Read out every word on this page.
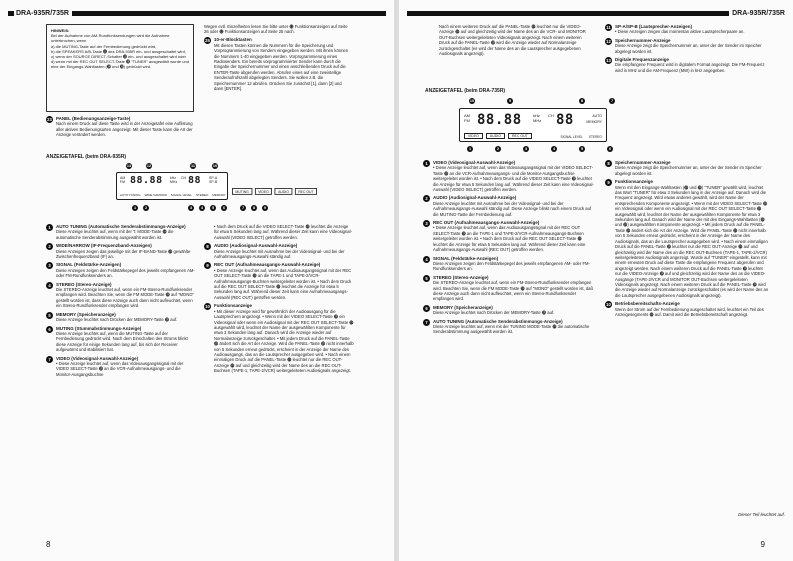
DRA-935R/735R
HINWEIS:
Bei der Aufnahme von AM-Rundfunksendungen wird die Aufnahme unterbrochen, wenn
a) die MUTING-Taste auf der Fernbedienung gedrückt wird,
b) die SPEAKERS A/B-Taste ⓫ des DRA-935R ein- und ausgeschaltet wird,
c) wenn der SOURCE DIRECT-Schalter ⓭ ein- und ausgeschaltet wird oder
d) wenn mit der REC OUT SELECT-Taste ⓲ "TUNER" ausgewählt wurde und eine der Eingangs-Wahltasten (⓳ und ⓴) gedrückt wird.
23 PANEL (Bedienungsanzeige-Taste)
Nach einem Druck auf diese Taste wird in der Anzeigetafel eine Auflistung aller aktiven Bedienungsarten angezeigt. Mit dieser Taste kann die Art der Anzeige verändert werden.
ANZEIGETAFEL (beim DRA-935R)
13	12	11	10
AM
FM 88.88 kHz
MHz
CH 88 SP-A
SP-B
AUTO TUNING WIDE NARROW SIGNAL LEVEL STEREO MEMORY
MUTING	VIDEO	AUDIO	REC OUT
1	2	3	4	5	6	7	8	9
1	AUTO TUNING (Automatische Senderabstimmungs-Anzeige)
Diese Anzeige leuchtet auf, wenn mit der T. MODE-Taste ⓮ die automatische Senderabstimmung ausgewählt worden ist.
2	WIDE/NARROW (IF-Frequenzband-Anzeigen)
Diese Anzeigen zeigen das jeweilige mit der IF-BAND-Taste ⓳ gewählte Zwischenfrequenzband (IF) an.
3	SIGNAL (Feldstärke-Anzeigen)
Diese Anzeigen zeigen den Feldstärkepegel des jeweils empfangenen AM- oder FM-Rundfunksenders an.
4	STEREO (Stereo-Anzeige)
Die STEREO-Anzeige leuchtet auf, wenn ein FM-Stereo-Rundfunksender empfangen wird. Beachten Sie, wenn die FM MODE-Taste ⓳ auf "MONO" gestellt worden ist, dass diese Anzeige auch dann nicht aufleuchtet, wenn ein Stereo-Rundfunksender empfangen wird.
5	MEMORY (Speicheranzeige)
Diese Anzeige leuchtet nach Drücken der MEMORY-Taste ⓳ auf.
6	MUTING (Stummabstimmungs-Anzeige)
Diese Anzeige leuchtet auf, wenn die MUTING-Taste auf der Fernbedienung gedrückt wird. Nach dem Einschalten des Stroms blinkt diese Anzeige für einige Sekunden lang auf, bis sich der Receiver aufgewärmt und stabilisiert hat.
7	VIDEO (Videosignal-Auswahl-Anzeige)
• Diese Anzeige leuchtet auf, wenn das Videoausgangssignal mit der VIDEO SELECT-Taste ⓳ an die VCR-Aufnahmeausgangs- und die Monitor-Ausgangsbuchse

Wegen evtl. Einzelheiten lesen Sie bitte unter ⓬ Funktionsanzeigen auf Seite 26 oder ⓬ Funktionsanzeigen auf Seite 25 nach.

25 10-er-Blocktasten
Mit diesen Tasten können die Nummern für die Speicherung und Vorprogrammierung von Sendern eingegeben werden. Mit ihnen können die Nummern 1-40 eingegeben werden. Vorprogrammierung eines Radiosenders. Ein bereits vorprogrammierter Sender kann durch die Eingabe der Speichernummer und einen anschließenden Druck auf die ENTER-Taste abgerufen werden. Abrufen eines auf eine zweistellige Senderaufrufszahl abgelegten Senders. Sie wollen z.B. die Speichernummer 12 abrufen. Drücken Sie zunächst [1], dann [2] und dann [ENTER].
• Nach dem Druck auf die VIDEO SELECT-Taste ⓳ leuchtet die Anzeige für etwa 5 Sekunden lang auf. Während dieser Zeit kann eine Videosignal-Auswahl (VIDEO SELECT) getroffen werden.
8	AUDIO (Audiosignal-Auswahl-Anzeige)
Diese Anzeige leuchtet mit Ausnahme bei der Videosignal- und bei der Aufnahmeausgangs-Auswahl ständig auf.
9	REC OUT (Aufnahmeausgangs-Auswahl-Anzeige)
• Diese Anzeige leuchtet auf, wenn das Audioausgangssignal mit der REC OUT SELECT-Taste ⓳ an die TAPE-1 und TAPE-2/VCR-Aufnahmeausgangs-Buchsen weitergeleitet worden ist. • Nach dem Druck auf die REC OUT SELECT-Taste ⓳ leuchtet die Anzeige für etwa 5 Sekunden lang auf. Während dieser Zeit kann eine Aufnahmeausgangs-Auswahl (REC OUT) getroffen werden.
10 Funktionsanzeige
• Mit dieser Anzeige wird für gewöhnlich der Audioausgang für die Lautsprechern angezeigt. • Wenn mit der VIDEO SELECT-Taste ⓳ ein Videosignal oder wenn ein Audiosignal mit der REC OUT SELECT-Taste ⓳ ausgewählt wird, leuchtet der Name der ausgewählten Komponente für etwa 3 Sekunden lang auf. Danach wird die Anzeige wieder auf Normalanzeige zurückgeschaltet. • Mit jedem Druck auf die PANEL-Taste ⓳ ändert sich die Art der Anzeige. Wird die PANEL-Taste ⓳ nicht innerhalb von 5 Sekunden erneut gedrückt, erscheint in der Anzeige der Name des Audioausgangs, das an die Lautsprecher ausgegeben wird. • Nach einem einmaligen Druck auf die PANEL-Taste ⓳ leuchtet nur die REC OUT-Anzeige ⓳ auf und gleichzeitig wird der Name des an die REC OUT-Buchsen (TAPE-1, TAPE-2/VCR) weitergeleiteten Audiosignals angezeigt.
8
DRA-935R/735R

Nach einem weiteren Druck auf die PANEL-Taste ⓳ leuchtet nur die VIDEO-Anzeige ⓳ auf und gleichzeitig wird der Name des an die VCR- und MONITOR OUT-Buchsen weitergeleiteten Videosignals angezeigt. Nach einem weiteren Druck auf die PANEL-Taste ⓳ wird die Anzeige wieder auf Normalanzeige zurückgeschaltet (es wird der Name des an die Lautsprecher ausgegebenen Audiosignals angezeigt).

ANZEIGETAFEL (beim DRA-735R)
10	9	8	7
AM
FM 88.88	kHz
MHz
CH 88	AUTO
MEMORY
VIDEO	AUDIO	REC OUT	SIGNAL LEVEL STEREO
1	2	3	4	5	6
1	VIDEO (Videosignal-Auswahl-Anzeige)
• Diese Anzeige leuchtet auf, wenn das Videoausgangssignal mit der VIDEO SELECT-Taste ⓳ an die VCR-Aufnahmeausgangs- und die Monitor-Ausgangsbuchse weitergeleitet worden ist. • Nach dem Druck auf die VIDEO SELECT-Taste ⓳ leuchtet die Anzeige für etwa 5 Sekunden lang auf. Während dieser Zeit kann eine Videosignal-Auswahl (VIDEO SELECT) getroffen werden.
2	AUDIO (Audiosignal-Auswahl-Anzeige)
Diese Anzeige leuchtet mit Ausnahme bei der Videosignal- und bei der Aufnahmeausgangs-Auswahl ständig auf. Diese Anzeige blinkt nach einem Druck auf die MUTING-Taste der Fernbedienung auf.
3	REC OUT (Aufnahmeausgangs-Auswahl-Anzeige)
• Diese Anzeige leuchtet auf, wenn das Audioausgangssignal mit der REC OUT SELECT-Taste ⓳ an die TAPE-1 und TAPE-2/VCR-Aufnahmeausgangs-Buchsen weitergeleitet worden ist. • Nach dem Druck auf die REC OUT SELECT-Taste ⓳ leuchtet die Anzeige für etwa 5 Sekunden lang auf. Während dieser Zeit kann eine Aufnahmeausgangs-Auswahl (REC OUT) getroffen werden.
4	SIGNAL (Feldstärke-Anzeigen)
Diese Anzeigen zeigen den Feldstärkepegel des jeweils empfangenen AM- oder FM-Rundfunksenders an.
5	STEREO (Stereo-Anzeige)
Die STEREO-Anzeige leuchtet auf, wenn ein FM-Stereo-Rundfunksender empfangen wird. Beachten Sie, wenn die FM MODE-Taste ⓳ auf "MONO" gestellt worden ist, daß diese Anzeige auch dann nicht aufleuchtet, wenn ein Stereo-Rundfunksender empfangen wird.
6	MEMORY (Speicheranzeige)
Diese Anzeige leuchtet nach Drücken der MEMORY-Taste ⓳ auf.
7	AUTO TUNING (Automatische Senderabstimmungs-Anzeige)
Diese Anzeige leuchtet auf, wenn mit der TUNING MODE-Taste ⓳ die automatische Senderabstimmung ausgewählt worden ist.
11 SP-A/SP-B (Lautsprecher-Anzeigen)
• Diese Anzeigen zeigen das momentan aktive Lautsprecherpaare an.
12 Speichernummer-Anzeige
Diese Anzeige zeigt die Speichernummer an, unter der der Sender im Speicher abgelegt worden ist.
13 Digitale Frequenzanzeige
Die empfangene Frequenz wird in digitalem Format angezeigt. Die FM-Frequenz wird in MHz und die AM-Frequenz (MW) in kHz angegeben.
8	Speichernummer-Anzeige
Diese Anzeige zeigt die Speichernummer an, unter der der Sender im Speicher abgelegt worden ist.
9	Funktionsanzeige
Wenn mit den Eingangs-Wahltasten (⓳ und ⓳) "TUNER" gewählt wird, leuchtet das Wort "TUNER" für etwa 3 Sekunden lang in der Anzeige auf. Danach wird die Frequenz angezeigt. Wird etwas anderes gewählt, wird der Name der entsprechenden Komponente angezeigt. • Wenn mit der VIDEO SELECT-Taste ⓳ ein Videosignal oder wenn ein Audiosignal mit der REC OUT SELECT-Taste ⓳ ausgewählt wird, leuchtet der Name der ausgewählten Komponente für etwa 3 Sekunden lang auf. Danach wird der Name der mit den Eingangs-Wahltasten (⓳ und ⓳) ausgewählten Komponente angezeigt. • Mit jedem Druck auf die PANEL-Taste ⓳ ändert sich die Art der Anzeige. Wird die PANEL-Taste ⓳ nicht innerhalb von 5 Sekunden erneut gedrückt, erscheint in der Anzeige der Name des Audiosignals, das an die Lautsprecher ausgegeben wird. • Nach einem einmaligen Druck auf die PANEL-Taste ⓳ leuchtet nur die REC OUT-Anzeige ⓳ auf und gleichzeitig wird der Name des an die REC OUT-Buchsen (TAPE-1, TAPE-2/VCR) weitergeleiteten Audiosignals angezeigt. Wurde auf "TUNER" eingestellt, kann mit einem erneuten Druck auf diese Taste die empfangene Frequenz abgerufen und angezeigt werden. Nach einem weiteren Druck auf die PANEL-Taste ⓳ leuchtet nur die VIDEO-Anzeige ⓳ auf und gleichzeitig wird der Name des an die VIDEO-Ausgänge (TAPE-2/VCR und MONITOR OUT-Buchsen weitergeleiteten Videosignals angezeigt. Nach einem weiteren Druck auf die PANEL-Taste ⓳ wird die Anzeige wieder auf Normalanzeige zurückgeschaltet (es wird der Name des an die Lautsprecher ausgegebenen Audiosignals angezeigt).
10 Betriebsbereitschafts-Anzeige
Wenn der Strom auf der Fernbedienung ausgeschaltet wird, leuchtet ein Teil des Anzeigesegments ⓳ auf. Damit wird die Betriebsbereitschaft angezeigt.
Dieser Teil leuchtet auf.
9
